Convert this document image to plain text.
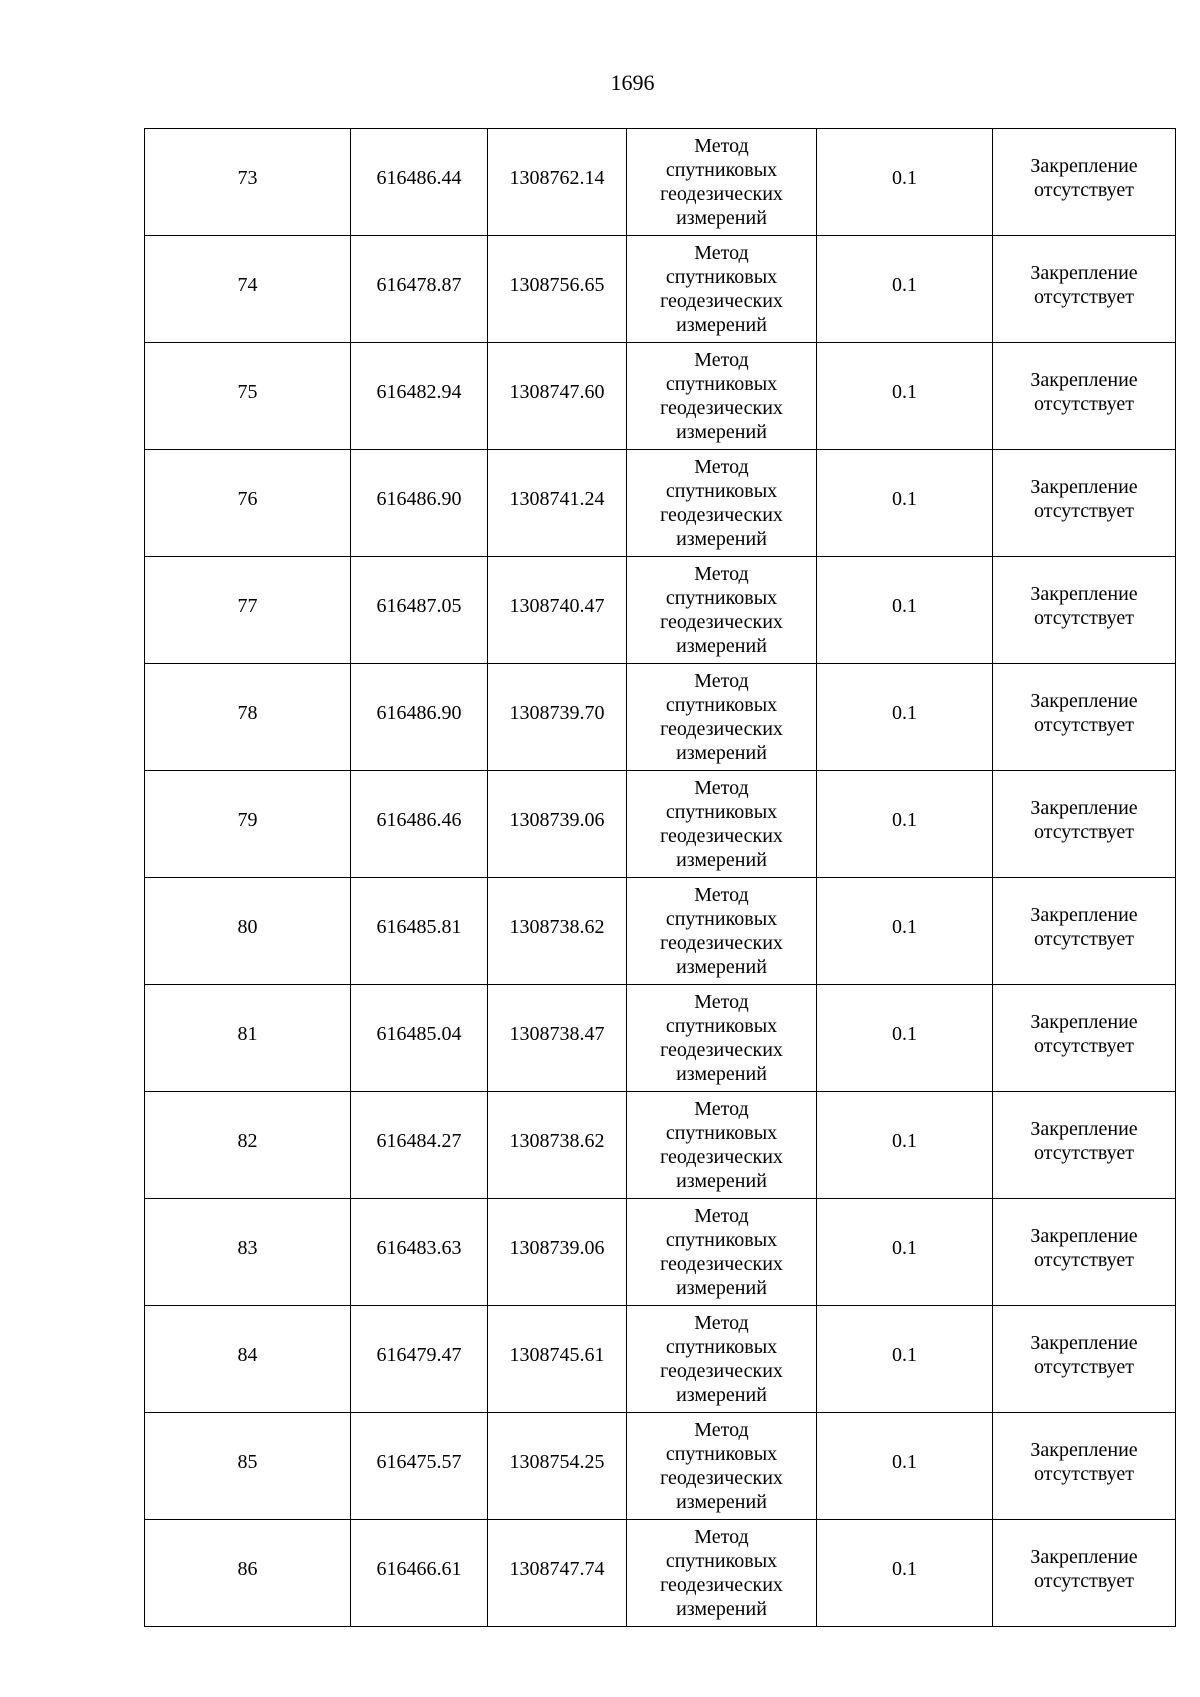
1696
73	616486.44	1308762.14	Метод
спутниковых
геодезических
измерений	0.1	Закрепление
отсутствует

74	616478.87	1308756.65	Метод
спутниковых
геодезических
измерений	0.1	Закрепление
отсутствует

75	616482.94	1308747.60	Метод
спутниковых
геодезических
измерений	0.1	Закрепление
отсутствует

76	616486.90	1308741.24	Метод
спутниковых
геодезических
измерений	0.1	Закрепление
отсутствует

77	616487.05	1308740.47	Метод
спутниковых
геодезических
измерений	0.1	Закрепление
отсутствует

78	616486.90	1308739.70	Метод
спутниковых
геодезических
измерений	0.1	Закрепление
отсутствует

79	616486.46	1308739.06	Метод
спутниковых
геодезических
измерений	0.1	Закрепление
отсутствует

80	616485.81	1308738.62	Метод
спутниковых
геодезических
измерений	0.1	Закрепление
отсутствует

81	616485.04	1308738.47	Метод
спутниковых
геодезических
измерений	0.1	Закрепление
отсутствует

82	616484.27	1308738.62	Метод
спутниковых
геодезических
измерений	0.1	Закрепление
отсутствует

83	616483.63	1308739.06	Метод
спутниковых
геодезических
измерений	0.1	Закрепление
отсутствует

84	616479.47	1308745.61	Метод
спутниковых
геодезических
измерений	0.1	Закрепление
отсутствует

85	616475.57	1308754.25	Метод
спутниковых
геодезических
измерений	0.1	Закрепление
отсутствует

86	616466.61	1308747.74	Метод
спутниковых
геодезических
измерений	0.1	Закрепление
отсутствует
